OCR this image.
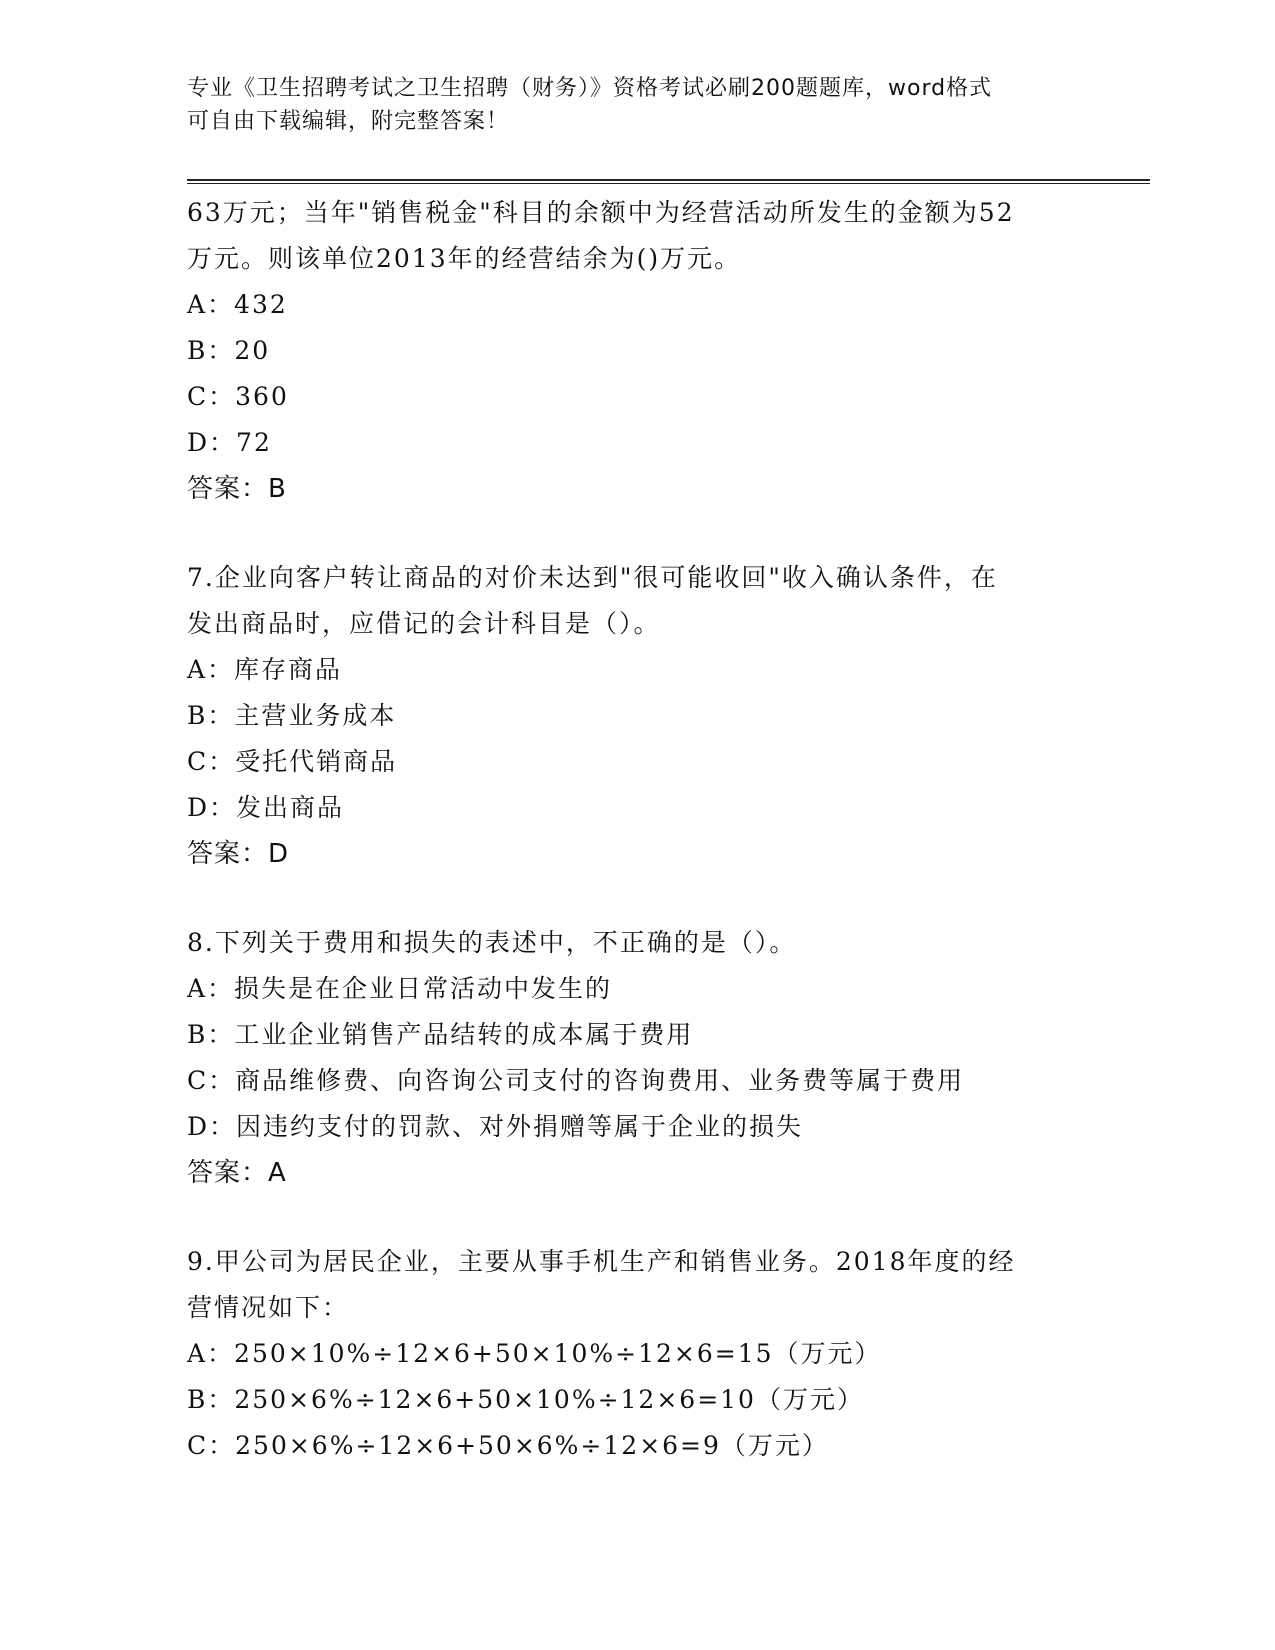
专业《卫生招聘考试之卫生招聘（财务）》资格考试必刷200题题库，word格式
可自由下载编辑，附完整答案！
63万元；当年"销售税金"科目的余额中为经营活动所发生的金额为52
万元。则该单位2013年的经营结余为()万元。
A：432
B：20
C：360
D：72
答案：B
7.企业向客户转让商品的对价未达到"很可能收回"收入确认条件，在
发出商品时，应借记的会计科目是（）。
A：库存商品
B：主营业务成本
C：受托代销商品
D：发出商品
答案：D
8.下列关于费用和损失的表述中，不正确的是（）。
A：损失是在企业日常活动中发生的
B：工业企业销售产品结转的成本属于费用
C：商品维修费、向咨询公司支付的咨询费用、业务费等属于费用
D：因违约支付的罚款、对外捐赠等属于企业的损失
答案：A
9.甲公司为居民企业，主要从事手机生产和销售业务。2018年度的经
营情况如下：
A：250×10%÷12×6+50×10%÷12×6=15（万元）
B：250×6%÷12×6+50×10%÷12×6=10（万元）
C：250×6%÷12×6+50×6%÷12×6=9（万元）
